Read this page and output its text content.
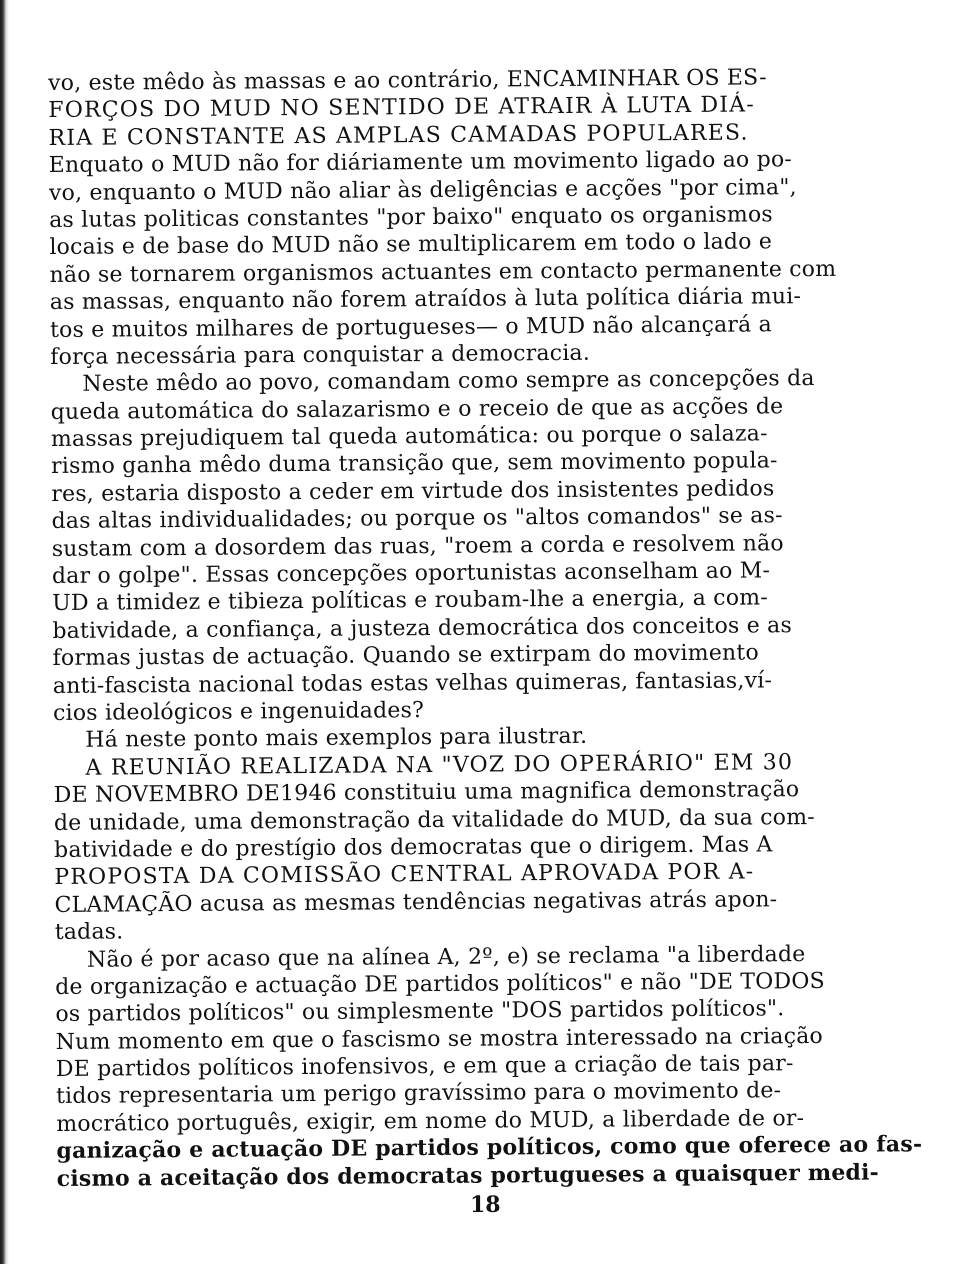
vo, este mêdo às massas e ao contrário, ENCAMINHAR OS ES-
FORÇOS DO MUD NO SENTIDO DE ATRAIR À LUTA DIÁ-
RIA E CONSTANTE AS AMPLAS CAMADAS POPULARES.
Enquato o MUD não for diáriamente um movimento ligado ao po-
vo, enquanto o MUD não aliar às deligências e acções "por cima",
as lutas politicas constantes "por baixo" enquato os organismos
locais e de base do MUD não se multiplicarem em todo o lado e
não se tornarem organismos actuantes em contacto permanente com
as massas, enquanto não forem atraídos à luta política diária mui-
tos e muitos milhares de portugueses— o MUD não alcançará a
força necessária para conquistar a democracia.
Neste mêdo ao povo, comandam como sempre as concepções da
queda automática do salazarismo e o receio de que as acções de
massas prejudiquem tal queda automática: ou porque o salaza-
rismo ganha mêdo duma transição que, sem movimento popula-
res, estaria disposto a ceder em virtude dos insistentes pedidos
das altas individualidades; ou porque os "altos comandos" se as-
sustam com a dosordem das ruas, "roem a corda e resolvem não
dar o golpe". Essas concepções oportunistas aconselham ao M-
UD a timidez e tibieza políticas e roubam-lhe a energia, a com-
batividade, a confiança, a justeza democrática dos conceitos e as
formas justas de actuação. Quando se extirpam do movimento
anti-fascista nacional todas estas velhas quimeras, fantasias,ví-
cios ideológicos e ingenuidades?
Há neste ponto mais exemplos para ilustrar.
A REUNIÃO REALIZADA NA "VOZ DO OPERÁRIO" EM 30
DE NOVEMBRO DE1946 constituiu uma magnifica demonstração
de unidade, uma demonstração da vitalidade do MUD, da sua com-
batividade e do prestígio dos democratas que o dirigem. Mas A
PROPOSTA DA COMISSÃO CENTRAL APROVADA POR A-
CLAMAÇÃO acusa as mesmas tendências negativas atrás apon-
tadas.
Não é por acaso que na alínea A, 2º, e) se reclama "a liberdade
de organização e actuação DE partidos políticos" e não "DE TODOS
os partidos políticos" ou simplesmente "DOS partidos políticos".
Num momento em que o fascismo se mostra interessado na criação
DE partidos políticos inofensivos, e em que a criação de tais par-
tidos representaria um perigo gravíssimo para o movimento de-
mocrático português, exigir, em nome do MUD, a liberdade de or-
ganização e actuação DE partidos políticos, como que oferece ao fas-
cismo a aceitação dos democratas portugueses a quaisquer medi-
18
